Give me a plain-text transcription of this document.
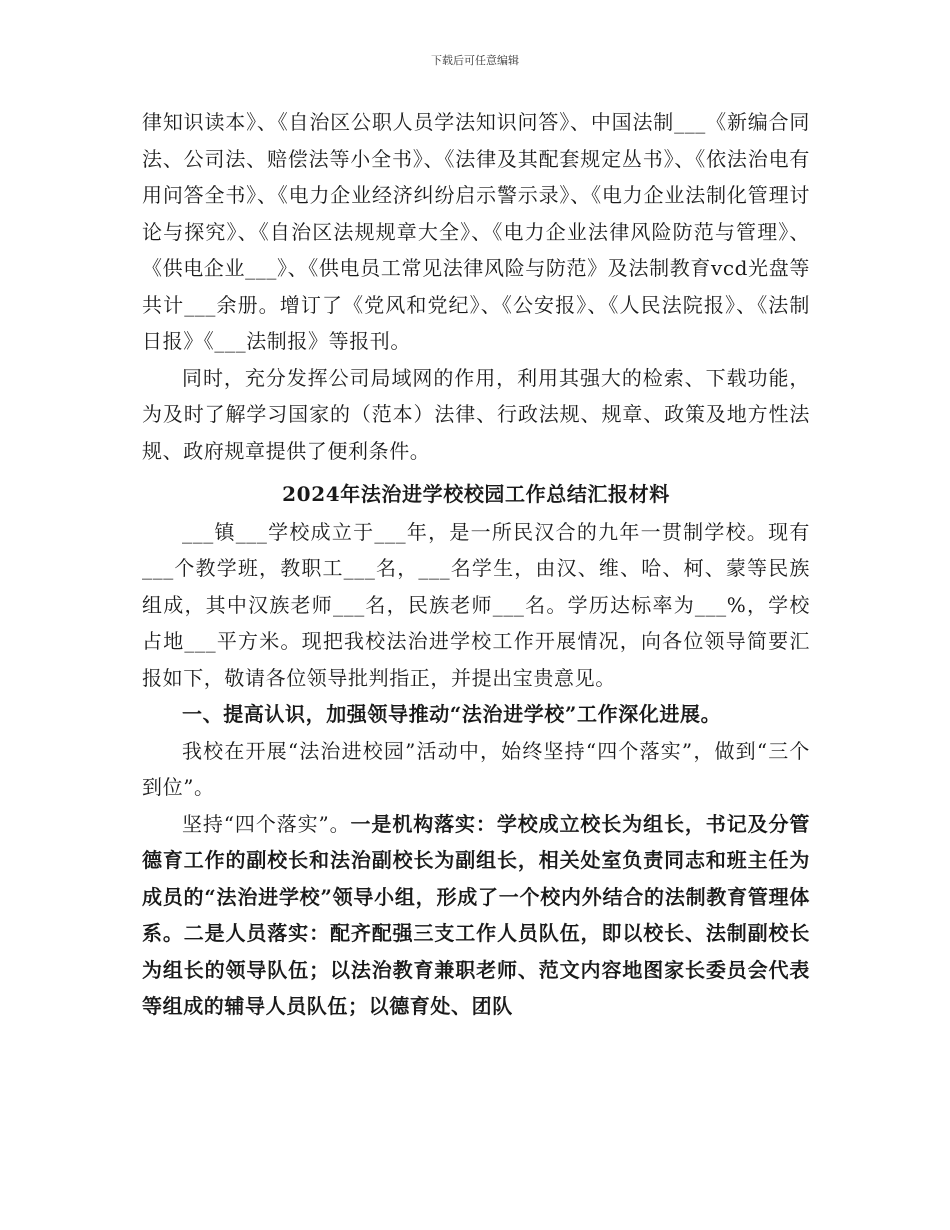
下载后可任意编辑

律知识读本》、《自治区公职人员学法知识问答》、中国法制___《新编合同法、公司法、赔偿法等小全书》、《法律及其配套规定丛书》、《依法治电有用问答全书》、《电力企业经济纠纷启示警示录》、《电力企业法制化管理讨论与探究》、《自治区法规规章大全》、《电力企业法律风险防范与管理》、《供电企业___》、《供电员工常见法律风险与防范》及法制教育vcd光盘等共计___余册。增订了《党风和党纪》、《公安报》、《人民法院报》、《法制日报》《___法制报》等报刊。

同时，充分发挥公司局域网的作用，利用其强大的检索、下载功能，为及时了解学习国家的（范本）法律、行政法规、规章、政策及地方性法规、政府规章提供了便利条件。

2024年法治进学校校园工作总结汇报材料

___镇___学校成立于___年，是一所民汉合的九年一贯制学校。现有___个教学班，教职工___名，___名学生，由汉、维、哈、柯、蒙等民族组成，其中汉族老师___名，民族老师___名。学历达标率为___%，学校占地___平方米。现把我校法治进学校工作开展情况，向各位领导简要汇报如下，敬请各位领导批判指正，并提出宝贵意见。

一、提高认识，加强领导推动“法治进学校”工作深化进展。

我校在开展“法治进校园”活动中，始终坚持“四个落实”，做到“三个到位”。

坚持“四个落实”。一是机构落实：学校成立校长为组长，书记及分管德育工作的副校长和法治副校长为副组长，相关处室负责同志和班主任为成员的“法治进学校”领导小组，形成了一个校内外结合的法制教育管理体系。二是人员落实：配齐配强三支工作人员队伍，即以校长、法制副校长为组长的领导队伍；以法治教育兼职老师、范文内容地图家长委员会代表等组成的辅导人员队伍；以德育处、团队
